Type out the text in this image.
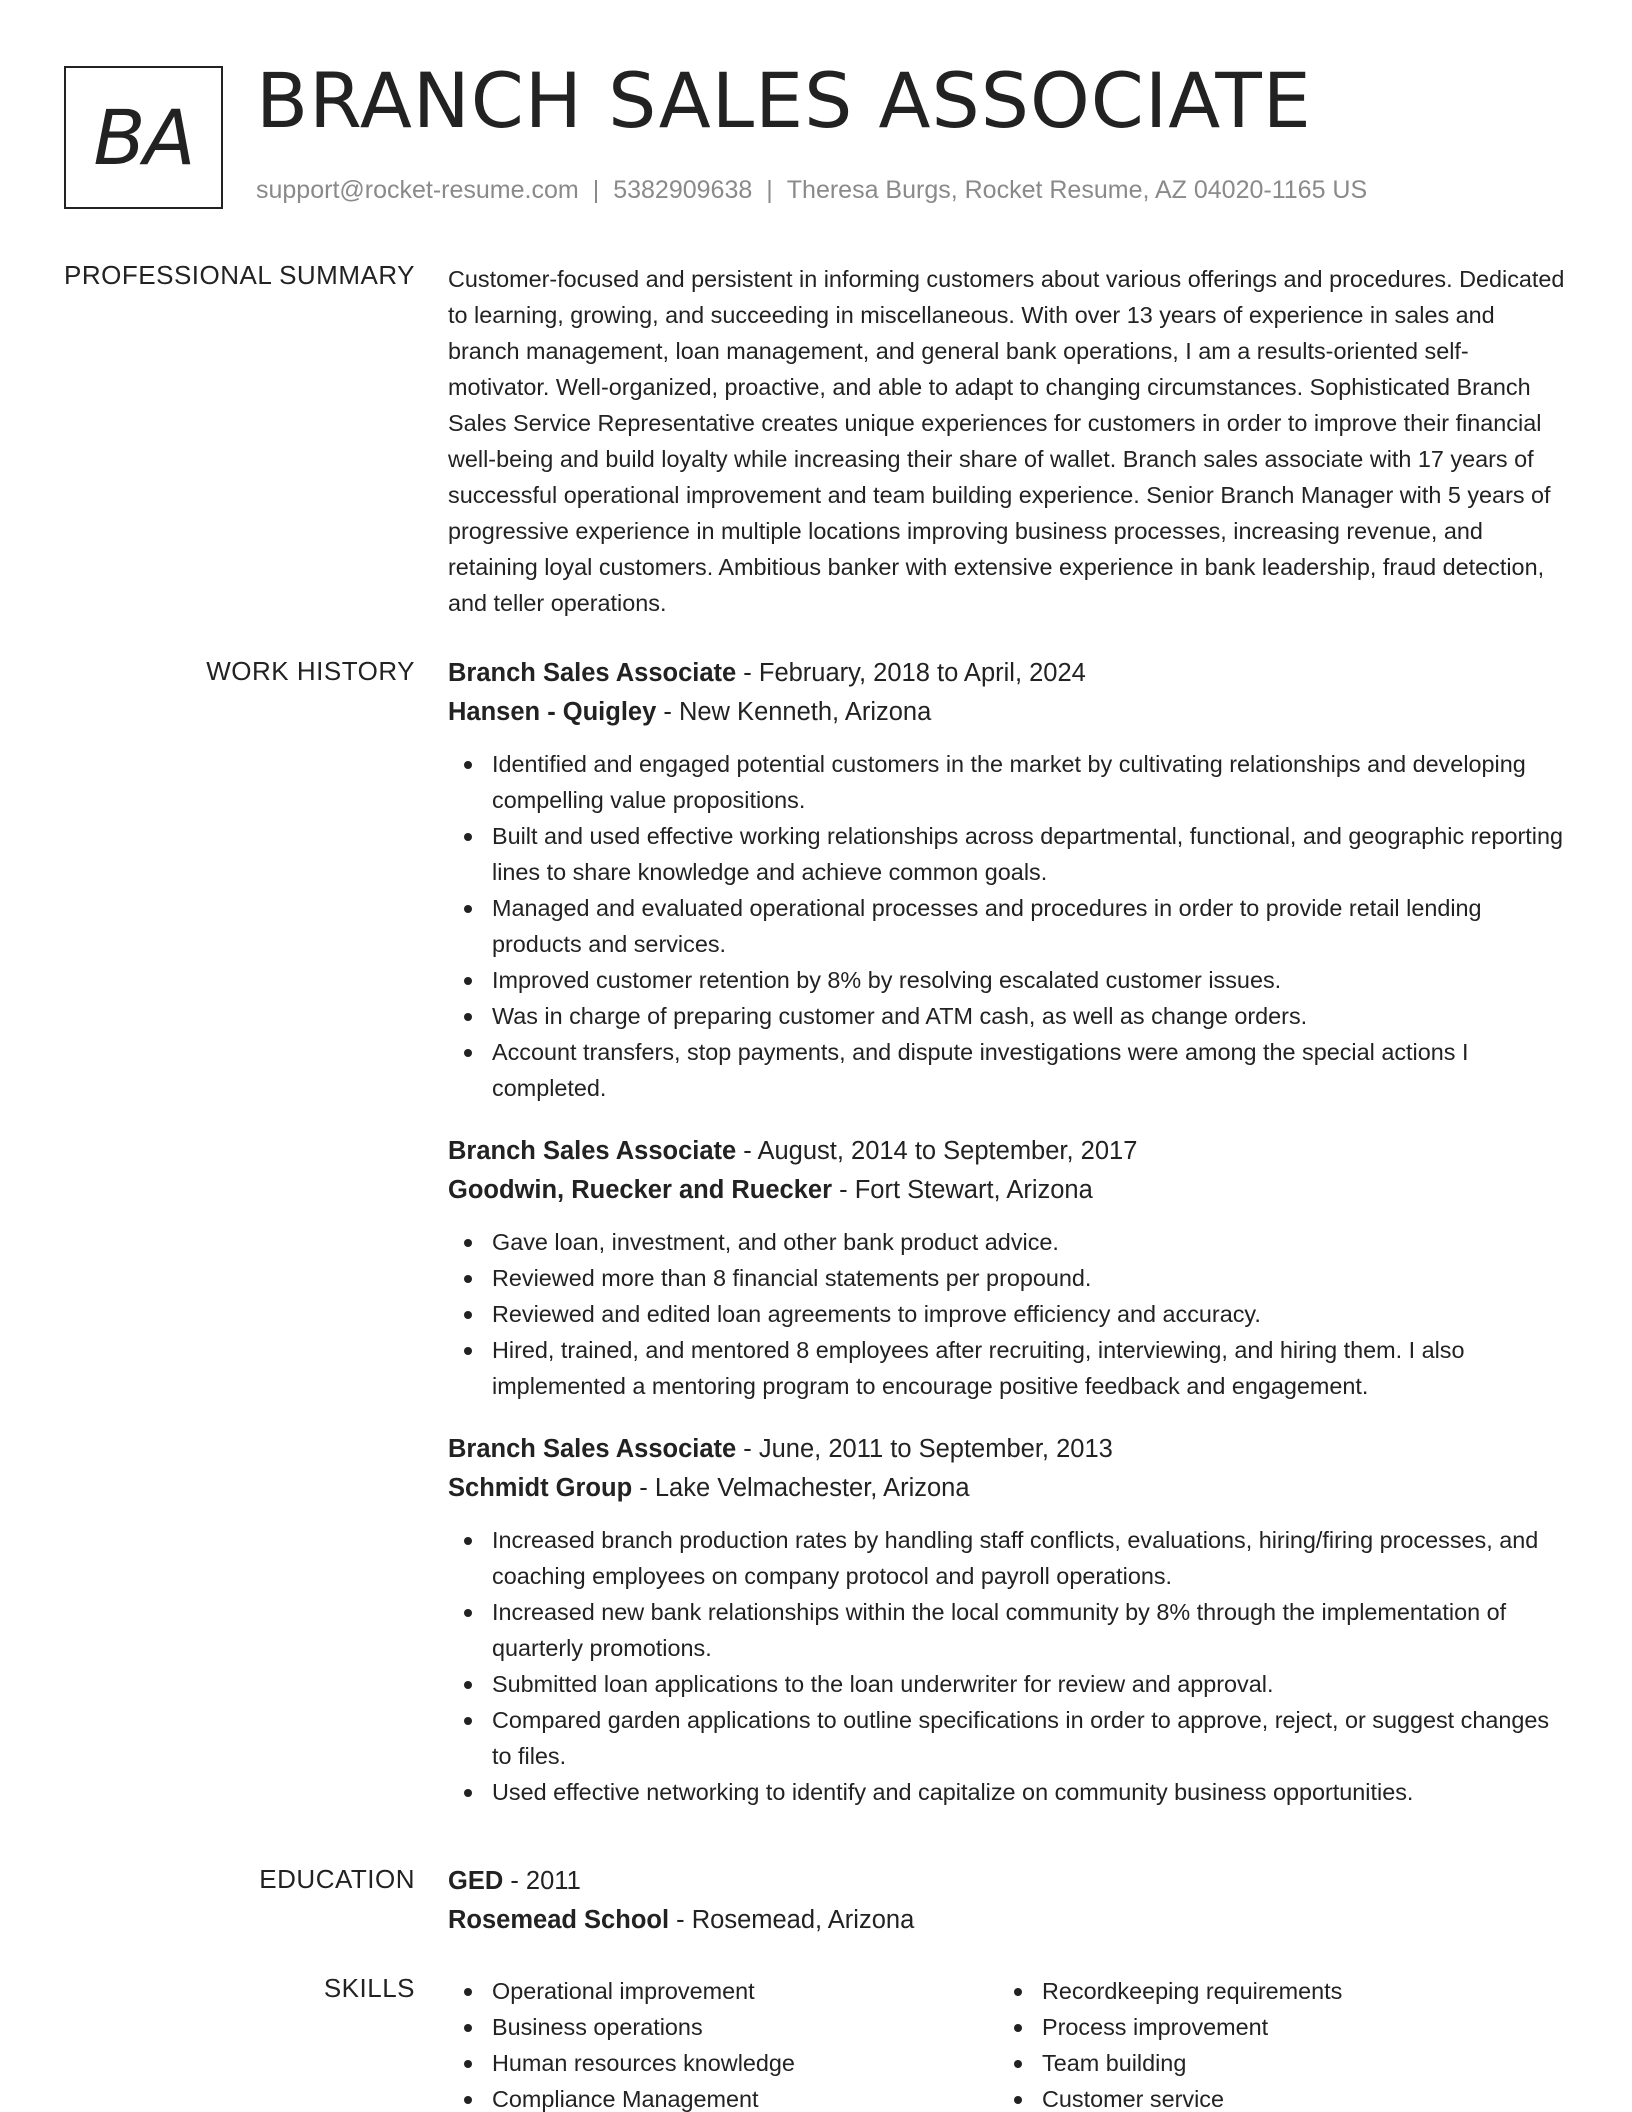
BA BRANCH SALES ASSOCIATE
support@rocket-resume.com | 5382909638 | Theresa Burgs, Rocket Resume, AZ 04020-1165 US
PROFESSIONAL SUMMARY Customer-focused and persistent in informing customers about various offerings and procedures. Dedicated to learning, growing, and succeeding in miscellaneous. With over 13 years of experience in sales and branch management, loan management, and general bank operations, I am a results-oriented self-motivator. Well-organized, proactive, and able to adapt to changing circumstances. Sophisticated Branch Sales Service Representative creates unique experiences for customers in order to improve their financial well-being and build loyalty while increasing their share of wallet. Branch sales associate with 17 years of successful operational improvement and team building experience. Senior Branch Manager with 5 years of progressive experience in multiple locations improving business processes, increasing revenue, and retaining loyal customers. Ambitious banker with extensive experience in bank leadership, fraud detection, and teller operations.

WORK HISTORY Branch Sales Associate - February, 2018 to April, 2024
Hansen - Quigley - New Kenneth, Arizona
Identified and engaged potential customers in the market by cultivating relationships and developing compelling value propositions.
Built and used effective working relationships across departmental, functional, and geographic reporting lines to share knowledge and achieve common goals.
Managed and evaluated operational processes and procedures in order to provide retail lending products and services.
Improved customer retention by 8% by resolving escalated customer issues.
Was in charge of preparing customer and ATM cash, as well as change orders.
Account transfers, stop payments, and dispute investigations were among the special actions I completed.
Branch Sales Associate - August, 2014 to September, 2017
Goodwin, Ruecker and Ruecker - Fort Stewart, Arizona
Gave loan, investment, and other bank product advice.
Reviewed more than 8 financial statements per propound.
Reviewed and edited loan agreements to improve efficiency and accuracy.
Hired, trained, and mentored 8 employees after recruiting, interviewing, and hiring them. I also implemented a mentoring program to encourage positive feedback and engagement.
Branch Sales Associate - June, 2011 to September, 2013
Schmidt Group - Lake Velmachester, Arizona
Increased branch production rates by handling staff conflicts, evaluations, hiring/firing processes, and coaching employees on company protocol and payroll operations.
Increased new bank relationships within the local community by 8% through the implementation of quarterly promotions.
Submitted loan applications to the loan underwriter for review and approval.
Compared garden applications to outline specifications in order to approve, reject, or suggest changes to files.
Used effective networking to identify and capitalize on community business opportunities.
EDUCATION GED - 2011
Rosemead School - Rosemead, Arizona
SKILLS	Operational improvement
Business operations
Human resources knowledge
Compliance Management
Recordkeeping requirements
Process improvement
Team building
Customer service
